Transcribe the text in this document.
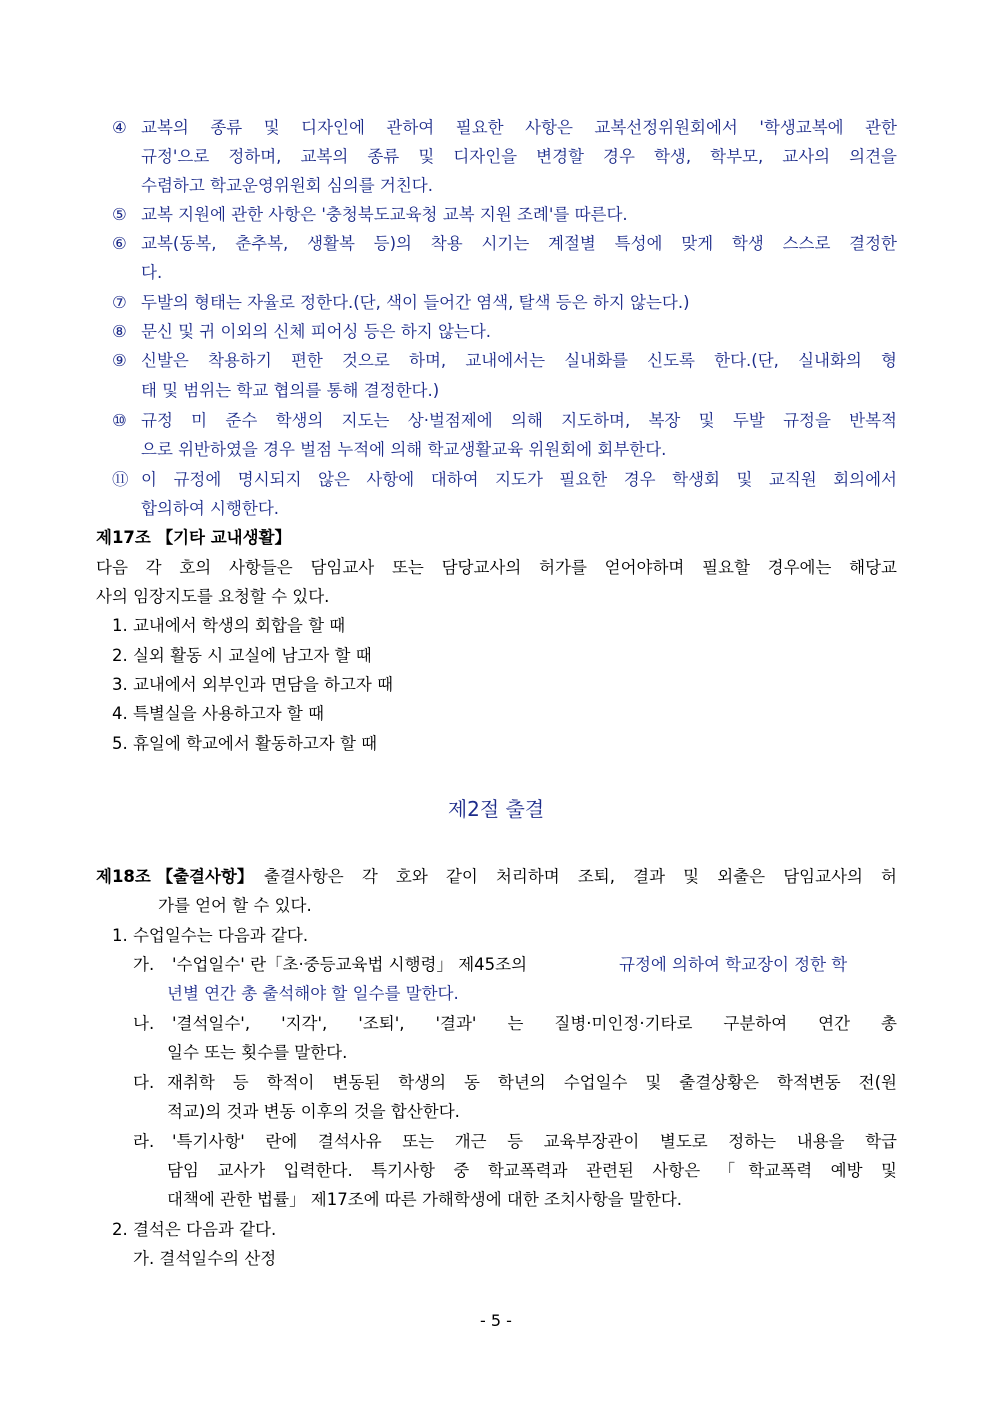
④ 교복의 종류 및 디자인에 관하여 필요한 사항은 교복선정위원회에서 '학생교복에 관한
규정'으로 정하며, 교복의 종류 및 디자인을 변경할 경우 학생, 학부모, 교사의 의견을
수렴하고 학교운영위원회 심의를 거친다.
⑤ 교복 지원에 관한 사항은 '충청북도교육청 교복 지원 조례'를 따른다.
⑥ 교복(동복, 춘추복, 생활복 등)의 착용 시기는 계절별 특성에 맞게 학생 스스로 결정한
다.
⑦ 두발의 형태는 자율로 정한다.(단, 색이 들어간 염색, 탈색 등은 하지 않는다.)
⑧ 문신 및 귀 이외의 신체 피어싱 등은 하지 않는다.
⑨ 신발은 착용하기 편한 것으로 하며, 교내에서는 실내화를 신도록 한다.(단, 실내화의 형
태 및 범위는 학교 협의를 통해 결정한다.)
⑩ 규정 미 준수 학생의 지도는 상·벌점제에 의해 지도하며, 복장 및 두발 규정을 반복적
으로 위반하였을 경우 벌점 누적에 의해 학교생활교육 위원회에 회부한다.
⑪ 이 규정에 명시되지 않은 사항에 대하여 지도가 필요한 경우 학생회 및 교직원 회의에서
합의하여 시행한다.
제17조 【기타 교내생활】
다음 각 호의 사항들은 담임교사 또는 담당교사의 허가를 얻어야하며 필요할 경우에는 해당교
사의 임장지도를 요청할 수 있다.
1. 교내에서 학생의 회합을 할 때
2. 실외 활동 시 교실에 남고자 할 때
3. 교내에서 외부인과 면담을 하고자 때
4. 특별실을 사용하고자 할 때
5. 휴일에 학교에서 활동하고자 할 때
제2절 출결
제18조 【출결사항】 출결사항은 각 호와 같이 처리하며 조퇴, 결과 및 외출은 담임교사의 허
가를 얻어 할 수 있다.
1. 수업일수는 다음과 같다.
가. '수업일수' 란「초·중등교육법 시행령」 제45조의	규정에 의하여 학교장이 정한 학
년별 연간 총 출석해야 할 일수를 말한다.
나. '결석일수', '지각', '조퇴', '결과' 는 질병·미인정·기타로 구분하여 연간 총
일수 또는 횟수를 말한다.
다. 재취학 등 학적이 변동된 학생의 동 학년의 수업일수 및 출결상황은 학적변동 전(원
적교)의 것과 변동 이후의 것을 합산한다.
라. '특기사항' 란에 결석사유 또는 개근 등 교육부장관이 별도로 정하는 내용을 학급
담임 교사가 입력한다. 특기사항 중 학교폭력과 관련된 사항은 「학교폭력 예방 및
대책에 관한 법률」 제17조에 따른 가해학생에 대한 조치사항을 말한다.
2. 결석은 다음과 같다.
가. 결석일수의 산정
- 5 -
